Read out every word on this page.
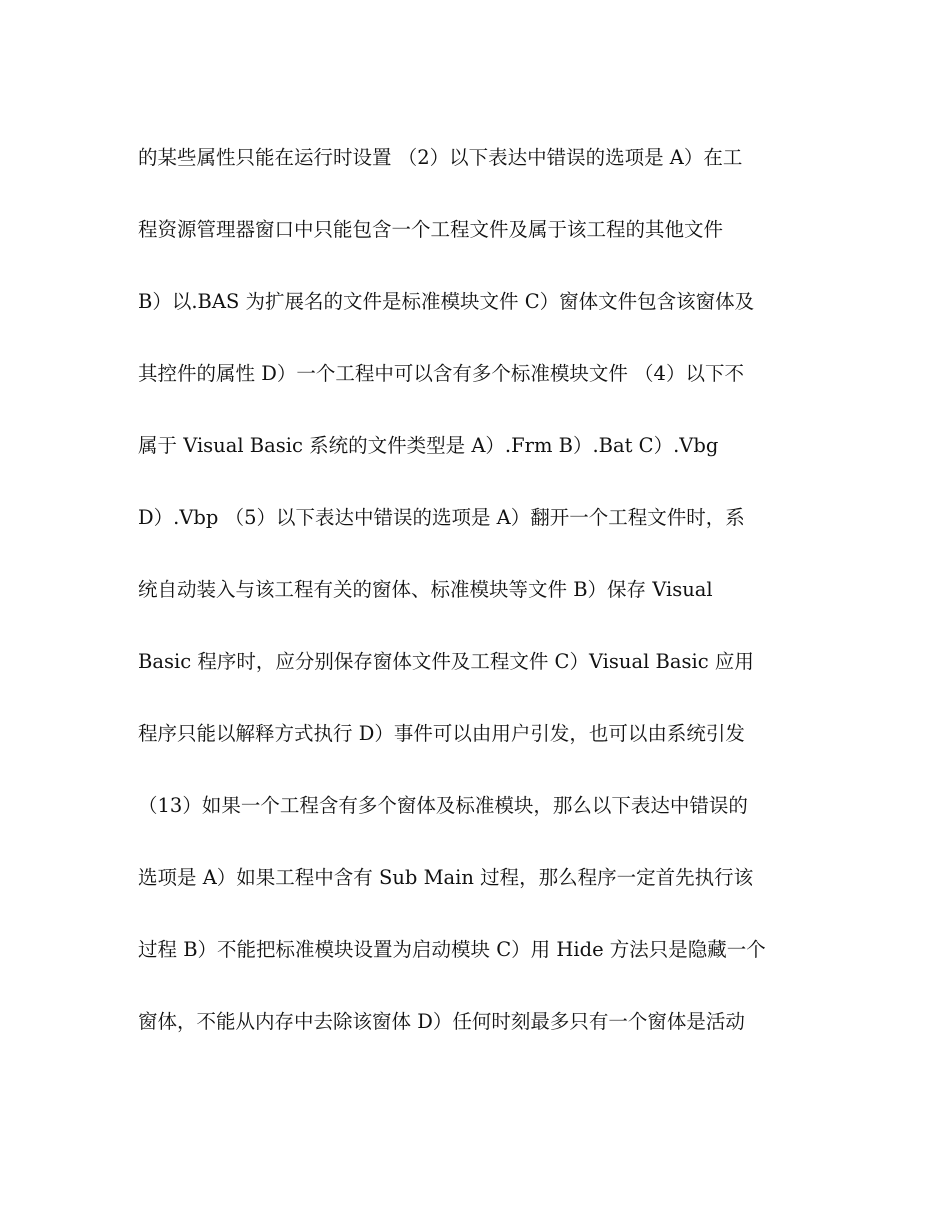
的某些属性只能在运行时设置 （2）以下表达中错误的选项是 A）在工
程资源管理器窗口中只能包含一个工程文件及属于该工程的其他文件
B）以.BAS 为扩展名的文件是标准模块文件 C）窗体文件包含该窗体及
其控件的属性 D）一个工程中可以含有多个标准模块文件 （4）以下不
属于 Visual Basic 系统的文件类型是 A）.Frm B）.Bat C）.Vbg
D）.Vbp （5）以下表达中错误的选项是 A）翻开一个工程文件时，系
统自动装入与该工程有关的窗体、标准模块等文件 B）保存 Visual
Basic 程序时，应分别保存窗体文件及工程文件 C）Visual Basic 应用
程序只能以解释方式执行 D）事件可以由用户引发，也可以由系统引发
（13）如果一个工程含有多个窗体及标准模块，那么以下表达中错误的
选项是 A）如果工程中含有 Sub Main 过程，那么程序一定首先执行该
过程 B）不能把标准模块设置为启动模块 C）用 Hide 方法只是隐藏一个
窗体，不能从内存中去除该窗体 D）任何时刻最多只有一个窗体是活动
